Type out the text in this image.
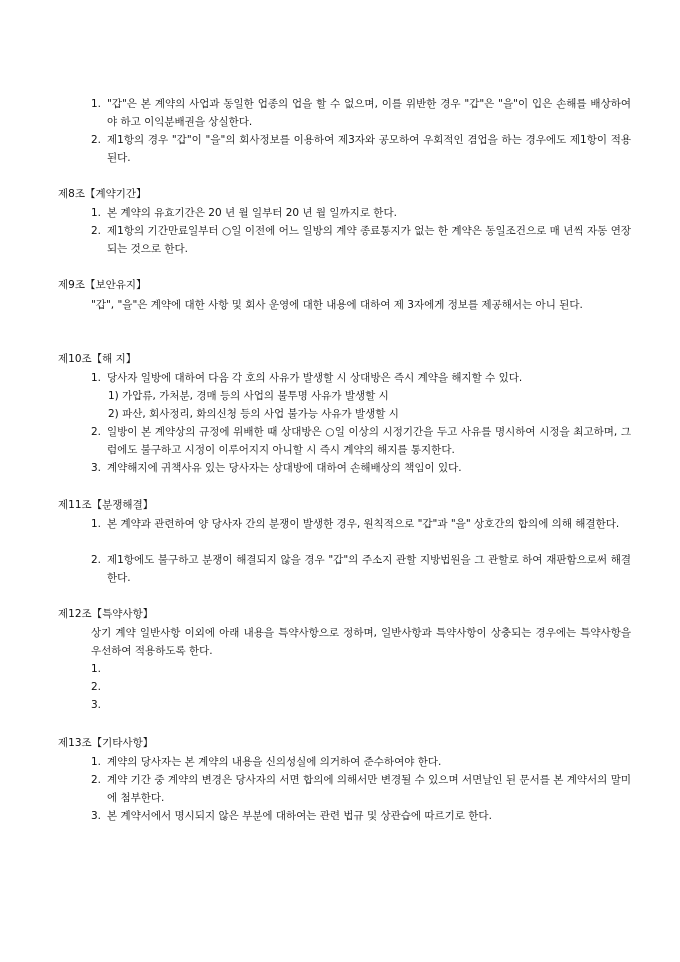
1. "갑"은 본 계약의 사업과 동일한 업종의 업을 할 수 없으며, 이를 위반한 경우 "갑"은 "을"이 입은 손해를 배상하여야 하고 이익분배권을 상실한다.
2. 제1항의 경우 "갑"이 "을"의 회사정보를 이용하여 제3자와 공모하여 우회적인 겸업을 하는 경우에도 제1항이 적용된다.
제8조【계약기간】
1. 본 계약의 유효기간은 20 년 월 일부터 20 년 월 일까지로 한다.
2. 제1항의 기간만료일부터 ○일 이전에 어느 일방의 계약 종료통지가 없는 한 계약은 동일조건으로 매 년씩 자동 연장되는 것으로 한다.
제9조【보안유지】
"갑", "을"은 계약에 대한 사항 및 회사 운영에 대한 내용에 대하여 제 3자에게 정보를 제공해서는 아니 된다.
제10조【해 지】
1. 당사자 일방에 대하여 다음 각 호의 사유가 발생할 시 상대방은 즉시 계약을 해지할 수 있다.
1) 가압류, 가처분, 경매 등의 사업의 불투명 사유가 발생할 시
2) 파산, 회사정리, 화의신청 등의 사업 불가능 사유가 발생할 시
2. 일방이 본 계약상의 규정에 위배한 때 상대방은 ○일 이상의 시정기간을 두고 사유를 명시하여 시정을 최고하며, 그럼에도 불구하고 시정이 이루어지지 아니할 시 즉시 계약의 해지를 통지한다.
3. 계약해지에 귀책사유 있는 당사자는 상대방에 대하여 손해배상의 책임이 있다.
제11조【분쟁해결】
1. 본 계약과 관련하여 양 당사자 간의 분쟁이 발생한 경우, 원칙적으로 "갑"과 "을" 상호간의 합의에 의해 해결한다.
2. 제1항에도 불구하고 분쟁이 해결되지 않을 경우 "갑"의 주소지 관할 지방법원을 그 관할로 하여 재판함으로써 해결한다.
제12조【특약사항】
상기 계약 일반사항 이외에 아래 내용을 특약사항으로 정하며, 일반사항과 특약사항이 상충되는 경우에는 특약사항을 우선하여 적용하도록 한다.
1.
2.
3.
제13조【기타사항】
1. 계약의 당사자는 본 계약의 내용을 신의성실에 의거하여 준수하여야 한다.
2. 계약 기간 중 계약의 변경은 당사자의 서면 합의에 의해서만 변경될 수 있으며 서면날인 된 문서를 본 계약서의 말미에 첨부한다.
3. 본 계약서에서 명시되지 않은 부분에 대하여는 관련 법규 및 상관습에 따르기로 한다.
